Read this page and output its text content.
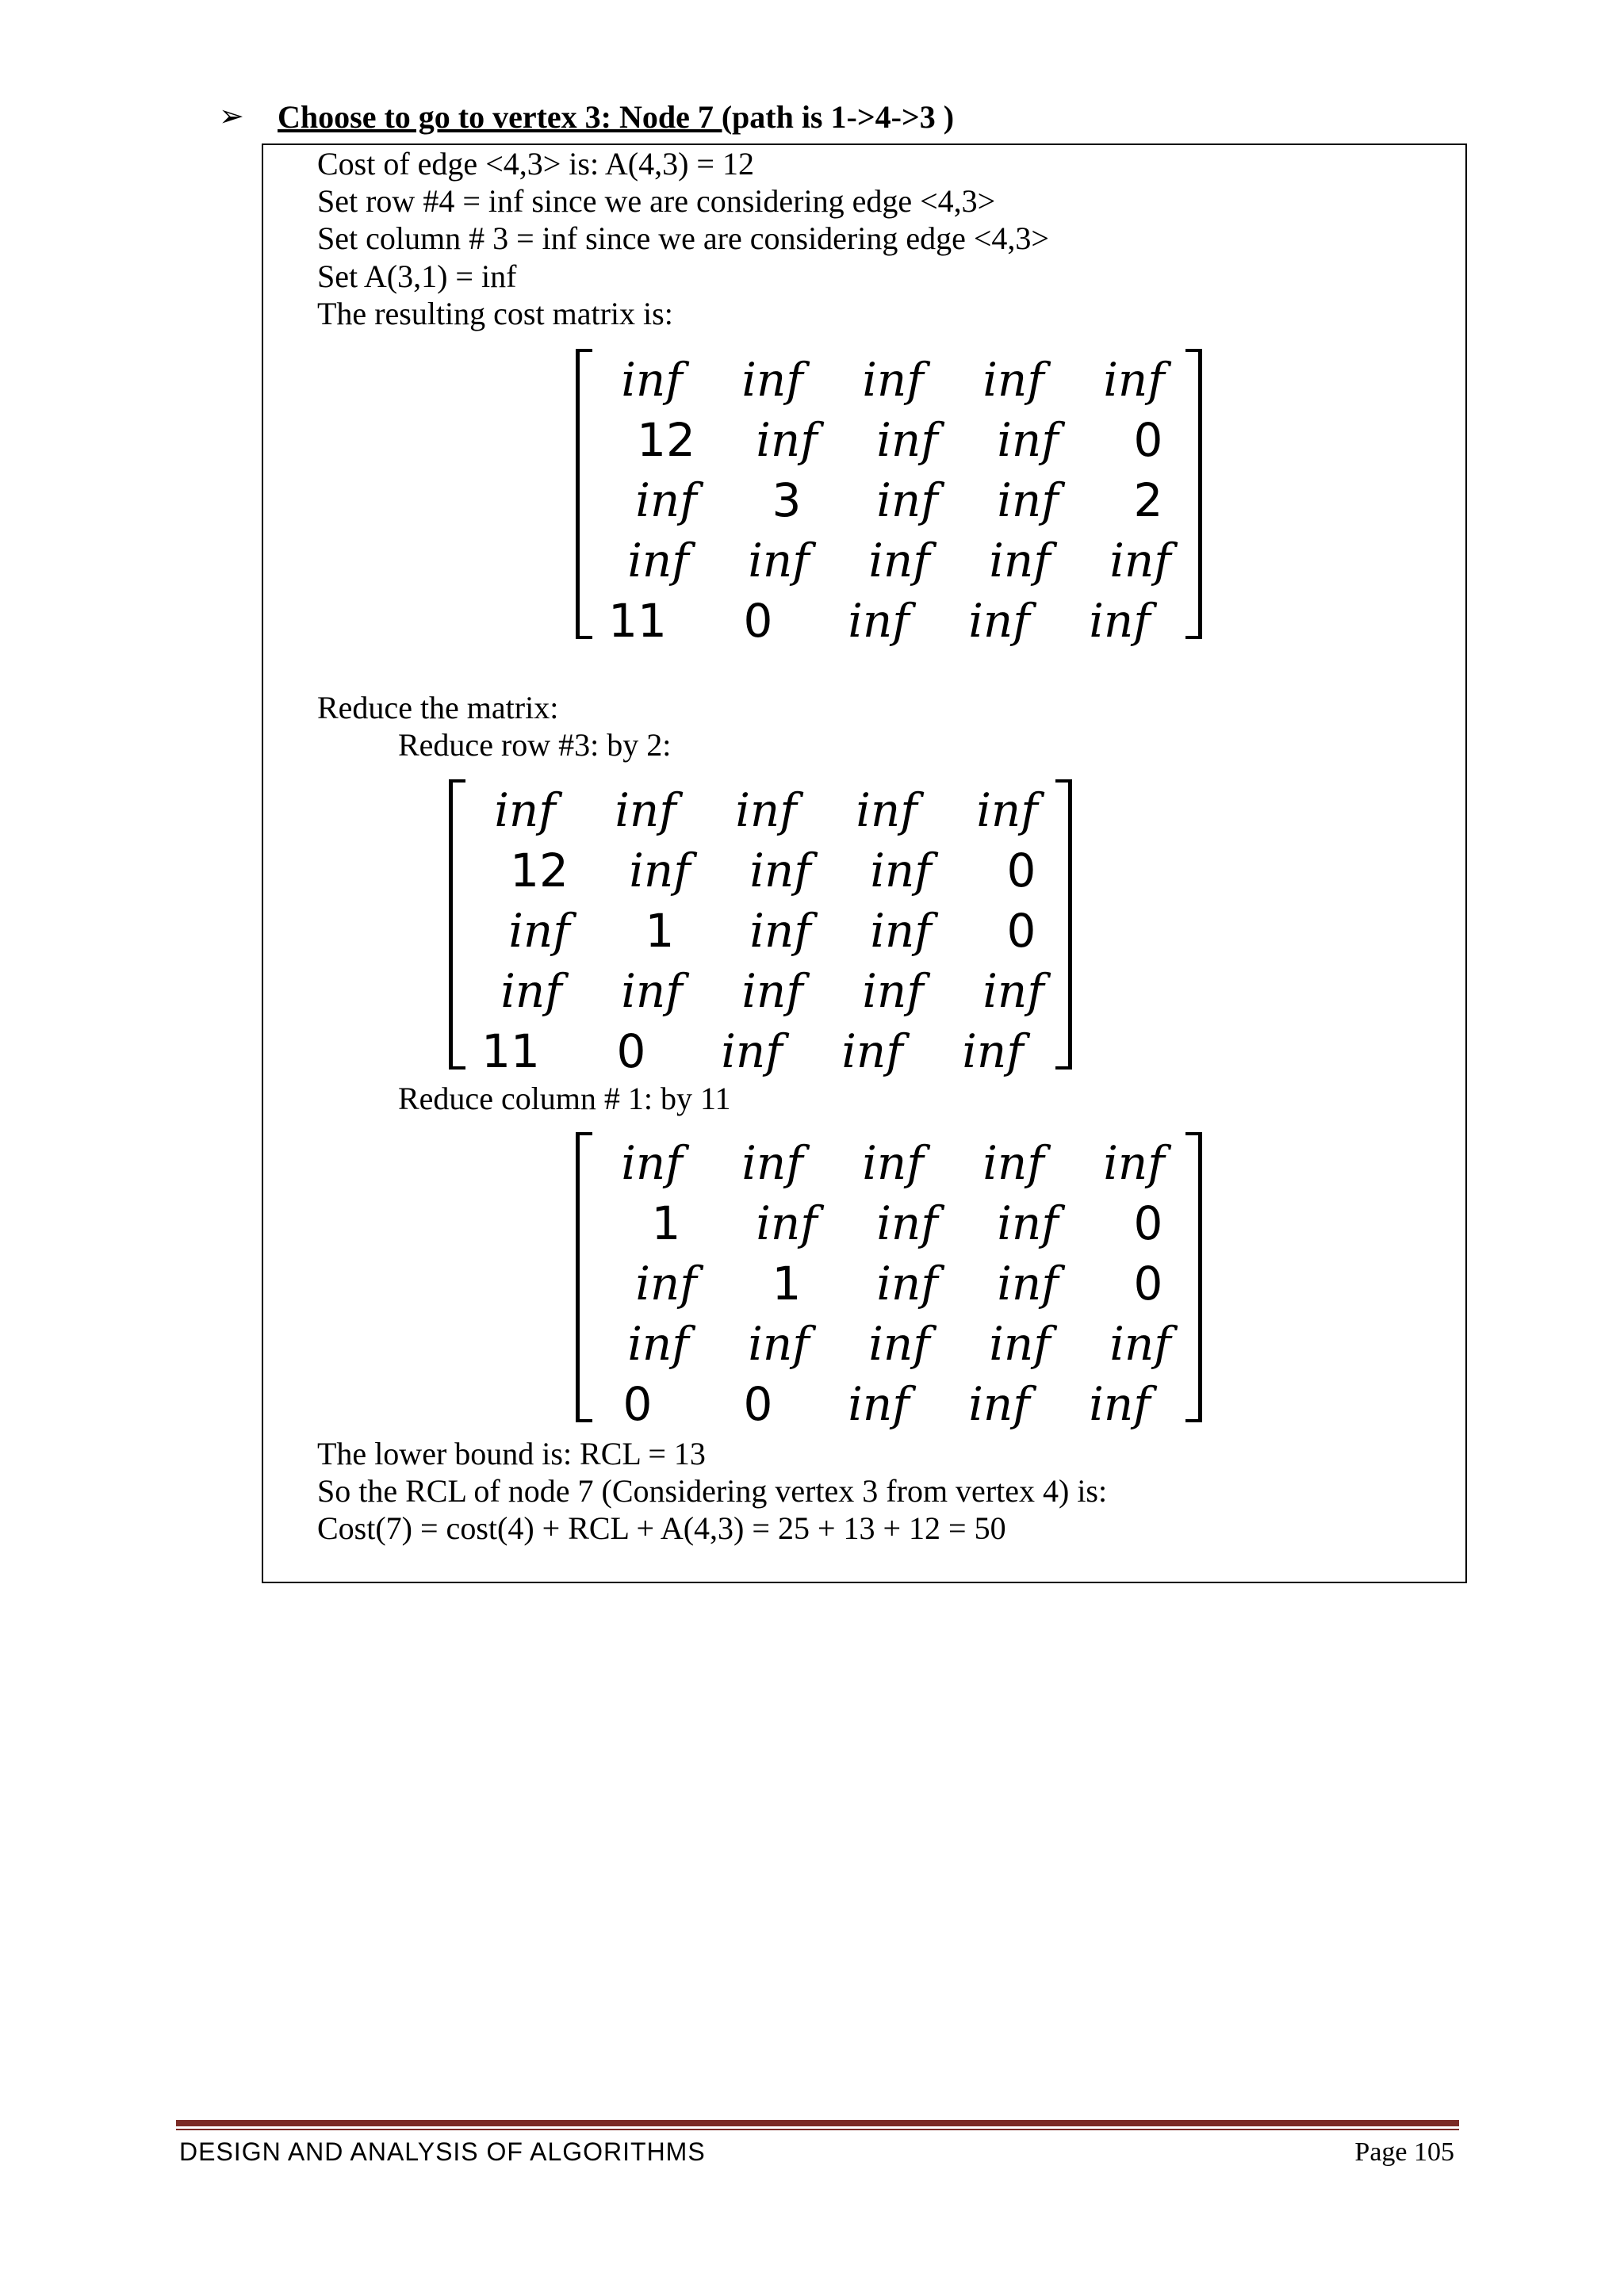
➢ Choose to go to vertex 3: Node 7 ( path is 1->4->3 )
Cost of edge <4,3> is: A(4,3) = 12
Set row #4 = inf since we are considering edge <4,3>
Set column # 3 = inf since we are considering edge <4,3>
Set A(3,1) = inf
The resulting cost matrix is:
inf	inf	inf	inf	inf
12	inf	inf	inf	0
inf	3	inf	inf	2
inf	inf	inf	inf	inf
11	0	inf	inf	inf
Reduce the matrix:
Reduce row #3: by 2:
inf	inf	inf	inf	inf
12	inf	inf	inf	0
inf	1	inf	inf	0
inf	inf	inf	inf	inf
11	0	inf	inf	inf
Reduce column # 1: by 11
inf	inf	inf	inf	inf
1	inf	inf	inf	0
inf	1	inf	inf	0
inf	inf	inf	inf	inf
0	0	inf	inf	inf
The lower bound is: RCL = 13
So the RCL of node 7 (Considering vertex 3 from vertex 4) is:
Cost(7) = cost(4) + RCL + A(4,3) = 25 + 13 + 12 = 50
DESIGN AND ANALYSIS OF ALGORITHMS	Page 105
